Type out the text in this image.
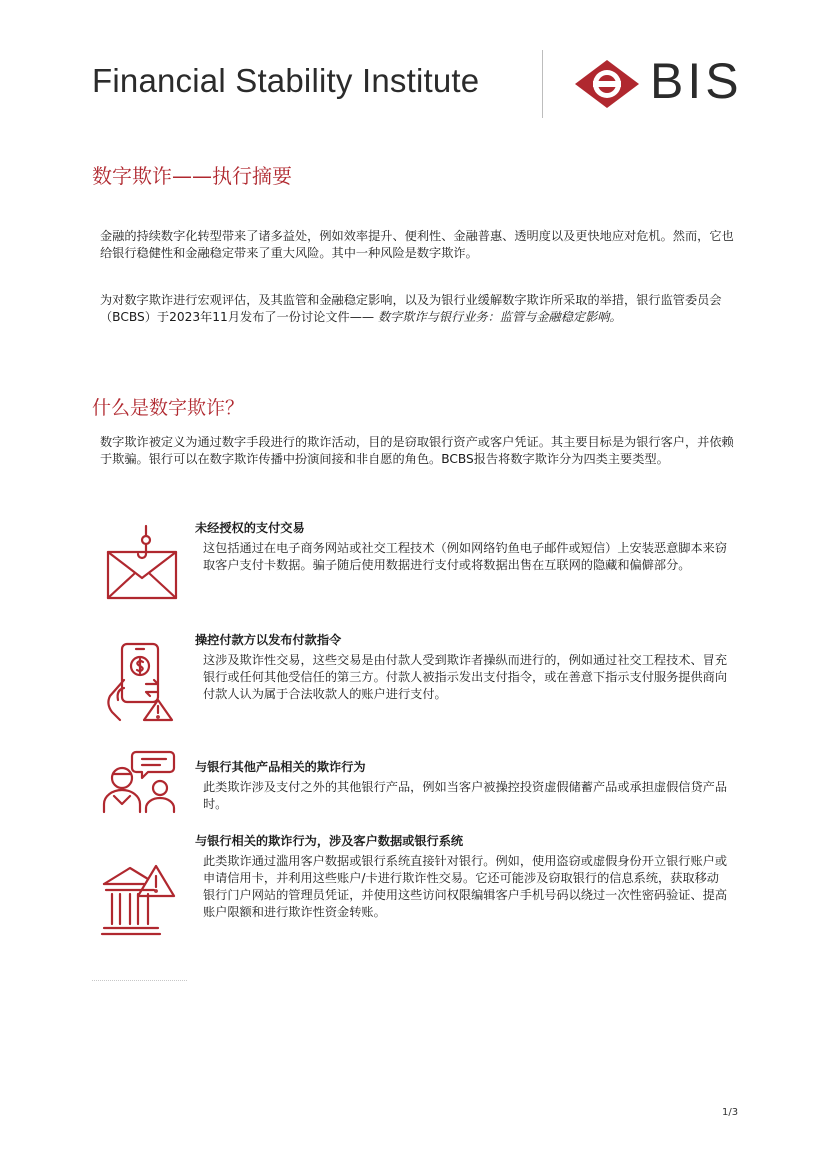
Financial Stability Institute	BIS
数字欺诈——执行摘要
金融的持续数字化转型带来了诸多益处，例如效率提升、便利性、金融普惠、透明度以及更快地应对危机。然而，它也给银行稳健性和金融稳定带来了重大风险。其中一种风险是数字欺诈。
为对数字欺诈进行宏观评估，及其监管和金融稳定影响，以及为银行业缓解数字欺诈所采取的举措，银行监管委员会（BCBS）于2023年11月发布了一份讨论文件—— 数字欺诈与银行业务：监管与金融稳定影响。
什么是数字欺诈？
数字欺诈被定义为通过数字手段进行的欺诈活动，目的是窃取银行资产或客户凭证。其主要目标是为银行客户，并依赖于欺骗。银行可以在数字欺诈传播中扮演间接和非自愿的角色。BCBS报告将数字欺诈分为四类主要类型。
未经授权的支付交易
这包括通过在电子商务网站或社交工程技术（例如网络钓鱼电子邮件或短信）上安装恶意脚本来窃取客户支付卡数据。骗子随后使用数据进行支付或将数据出售在互联网的隐藏和偏僻部分。
操控付款方以发布付款指令
这涉及欺诈性交易，这些交易是由付款人受到欺诈者操纵而进行的，例如通过社交工程技术、冒充银行或任何其他受信任的第三方。付款人被指示发出支付指令，或在善意下指示支付服务提供商向付款人认为属于合法收款人的账户进行支付。
与银行其他产品相关的欺诈行为
此类欺诈涉及支付之外的其他银行产品，例如当客户被操控投资虚假储蓄产品或承担虚假信贷产品时。
与银行相关的欺诈行为，涉及客户数据或银行系统
此类欺诈通过滥用客户数据或银行系统直接针对银行。例如，使用盗窃或虚假身份开立银行账户或申请信用卡，并利用这些账户/卡进行欺诈性交易。它还可能涉及窃取银行的信息系统，获取移动银行门户网站的管理员凭证，并使用这些访问权限编辑客户手机号码以绕过一次性密码验证、提高账户限额和进行欺诈性资金转账。
1/3
